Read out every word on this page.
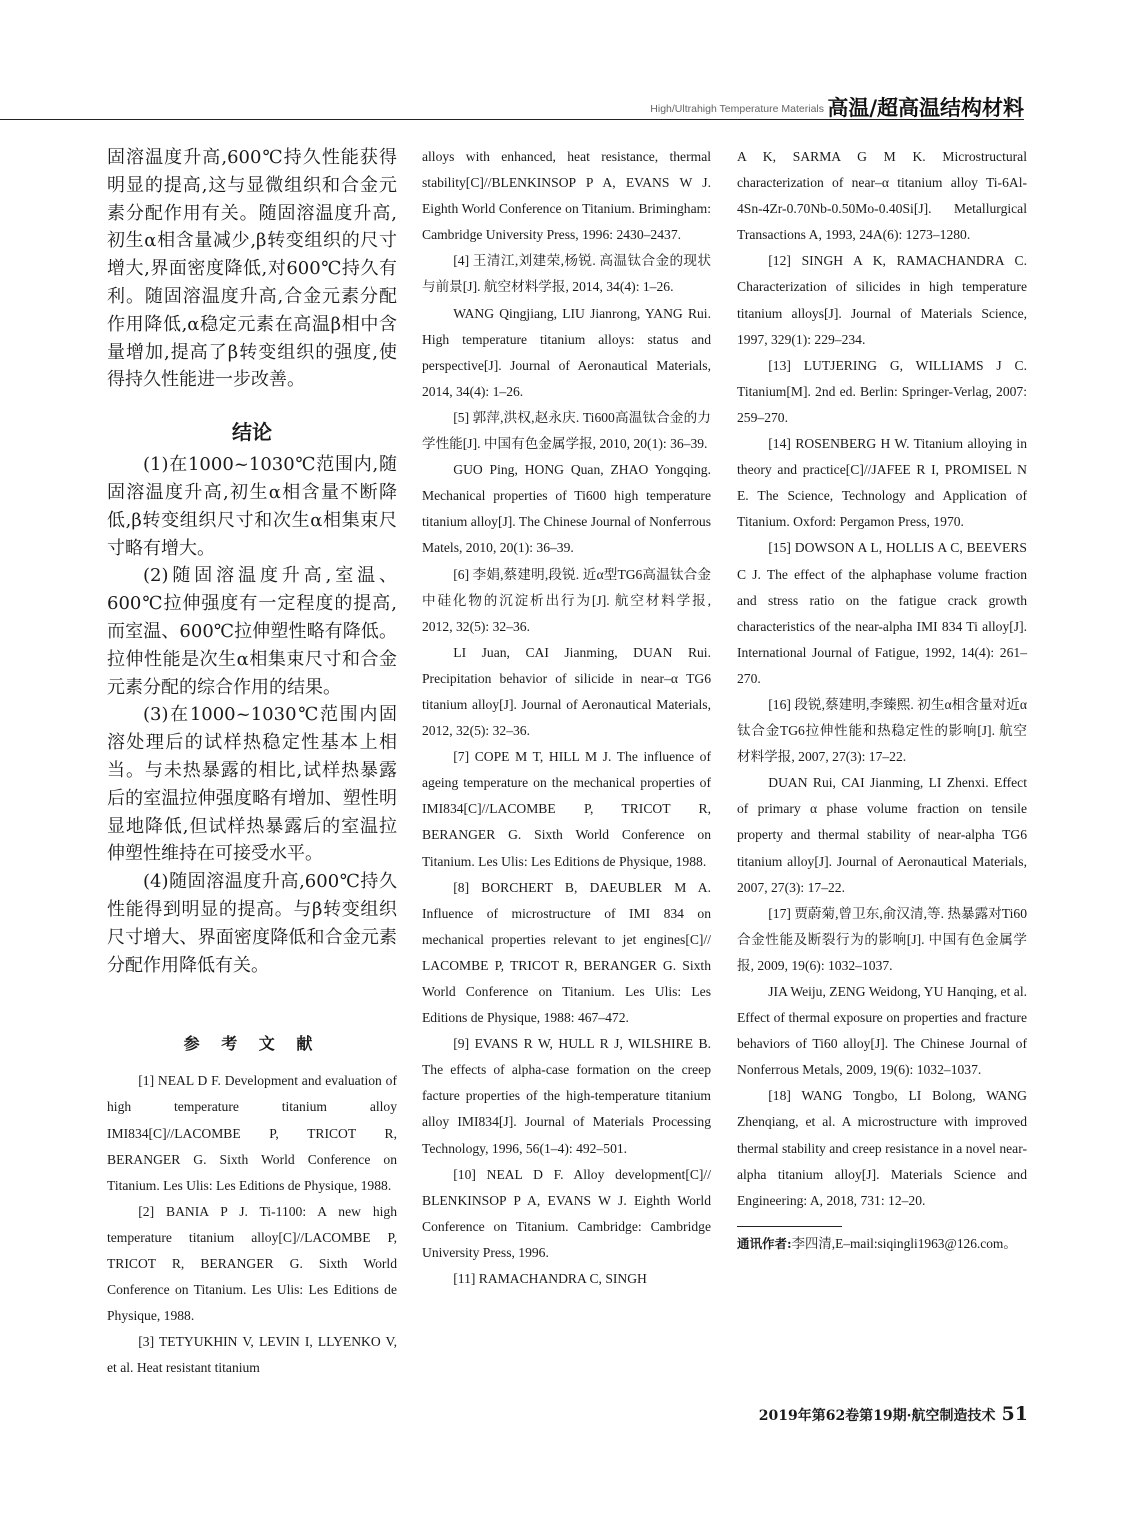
High/Ultrahigh Temperature Materials 高温/超高温结构材料

固溶温度升高,600℃持久性能获得明显的提高,这与显微组织和合金元素分配作用有关。随固溶温度升高,初生α相含量减少,β转变组织的尺寸增大,界面密度降低,对600℃持久有利。随固溶温度升高,合金元素分配作用降低,α稳定元素在高温β相中含量增加,提高了β转变组织的强度,使得持久性能进一步改善。

结论

(1)在1000~1030℃范围内,随固溶温度升高,初生α相含量不断降低,β转变组织尺寸和次生α相集束尺寸略有增大。

(2)随固溶温度升高,室温、600℃拉伸强度有一定程度的提高,而室温、600℃拉伸塑性略有降低。拉伸性能是次生α相集束尺寸和合金元素分配的综合作用的结果。

(3)在1000~1030℃范围内固溶处理后的试样热稳定性基本上相当。与未热暴露的相比,试样热暴露后的室温拉伸强度略有增加、塑性明显地降低,但试样热暴露后的室温拉伸塑性维持在可接受水平。

(4)随固溶温度升高,600℃持久性能得到明显的提高。与β转变组织尺寸增大、界面密度降低和合金元素分配作用降低有关。

参 考 文 献

[1] NEAL D F. Development and evaluation of high temperature titanium alloy IMI834[C]//LACOMBE P, TRICOT R, BERANGER G. Sixth World Conference on Titanium. Les Ulis: Les Editions de Physique, 1988.

[2] BANIA P J. Ti-1100: A new high temperature titanium alloy[C]//LACOMBE P, TRICOT R, BERANGER G. Sixth World Conference on Titanium. Les Ulis: Les Editions de Physique, 1988.

[3] TETYUKHIN V, LEVIN I, LLYENKO V, et al. Heat resistant titanium

alloys with enhanced, heat resistance, thermal stability[C]//BLENKINSOP P A, EVANS W J. Eighth World Conference on Titanium. Brimingham: Cambridge University Press, 1996: 2430–2437.

[4] 王清江,刘建荣,杨锐. 高温钛合金的现状与前景[J]. 航空材料学报, 2014, 34(4): 1–26.

WANG Qingjiang, LIU Jianrong, YANG Rui. High temperature titanium alloys: status and perspective[J]. Journal of Aeronautical Materials, 2014, 34(4): 1–26.

[5] 郭萍,洪权,赵永庆. Ti600高温钛合金的力学性能[J]. 中国有色金属学报, 2010, 20(1): 36–39.

GUO Ping, HONG Quan, ZHAO Yongqing. Mechanical properties of Ti600 high temperature titanium alloy[J]. The Chinese Journal of Nonferrous Matels, 2010, 20(1): 36–39.

[6] 李娟,蔡建明,段锐. 近α型TG6高温钛合金中硅化物的沉淀析出行为[J]. 航空材料学报, 2012, 32(5): 32–36.

LI Juan, CAI Jianming, DUAN Rui. Precipitation behavior of silicide in near–α TG6 titanium alloy[J]. Journal of Aeronautical Materials, 2012, 32(5): 32–36.

[7] COPE M T, HILL M J. The influence of ageing temperature on the mechanical properties of IMI834[C]//LACOMBE P, TRICOT R, BERANGER G. Sixth World Conference on Titanium. Les Ulis: Les Editions de Physique, 1988.

[8] BORCHERT B, DAEUBLER M A. Influence of microstructure of IMI 834 on mechanical properties relevant to jet engines[C]// LACOMBE P, TRICOT R, BERANGER G. Sixth World Conference on Titanium. Les Ulis: Les Editions de Physique, 1988: 467–472.

[9] EVANS R W, HULL R J, WILSHIRE B. The effects of alpha-case formation on the creep facture properties of the high-temperature titanium alloy IMI834[J]. Journal of Materials Processing Technology, 1996, 56(1–4): 492–501.

[10] NEAL D F. Alloy development[C]// BLENKINSOP P A, EVANS W J. Eighth World Conference on Titanium. Cambridge: Cambridge University Press, 1996.

[11] RAMACHANDRA C, SINGH

A K, SARMA G M K. Microstructural characterization of near–α titanium alloy Ti-6Al-4Sn-4Zr-0.70Nb-0.50Mo-0.40Si[J]. Metallurgical Transactions A, 1993, 24A(6): 1273–1280.

[12] SINGH A K, RAMACHANDRA C. Characterization of silicides in high temperature titanium alloys[J]. Journal of Materials Science, 1997, 329(1): 229–234.

[13] LUTJERING G, WILLIAMS J C. Titanium[M]. 2nd ed. Berlin: Springer-Verlag, 2007: 259–270.

[14] ROSENBERG H W. Titanium alloying in theory and practice[C]//JAFEE R I, PROMISEL N E. The Science, Technology and Application of Titanium. Oxford: Pergamon Press, 1970.

[15] DOWSON A L, HOLLIS A C, BEEVERS C J. The effect of the alphaphase volume fraction and stress ratio on the fatigue crack growth characteristics of the near-alpha IMI 834 Ti alloy[J]. International Journal of Fatigue, 1992, 14(4): 261–270.

[16] 段锐,蔡建明,李臻熙. 初生α相含量对近α钛合金TG6拉伸性能和热稳定性的影响[J]. 航空材料学报, 2007, 27(3): 17–22.

DUAN Rui, CAI Jianming, LI Zhenxi. Effect of primary α phase volume fraction on tensile property and thermal stability of near-alpha TG6 titanium alloy[J]. Journal of Aeronautical Materials, 2007, 27(3): 17–22.

[17] 贾蔚菊,曾卫东,俞汉清,等. 热暴露对Ti60合金性能及断裂行为的影响[J]. 中国有色金属学报, 2009, 19(6): 1032–1037.

JIA Weiju, ZENG Weidong, YU Hanqing, et al. Effect of thermal exposure on properties and fracture behaviors of Ti60 alloy[J]. The Chinese Journal of Nonferrous Metals, 2009, 19(6): 1032–1037.

[18] WANG Tongbo, LI Bolong, WANG Zhenqiang, et al. A microstructure with improved thermal stability and creep resistance in a novel near-alpha titanium alloy[J]. Materials Science and Engineering: A, 2018, 731: 12–20.

通讯作者:李四清,E–mail:siqingli1963@126.com。
2019年第62卷第19期·航空制造技术 51
